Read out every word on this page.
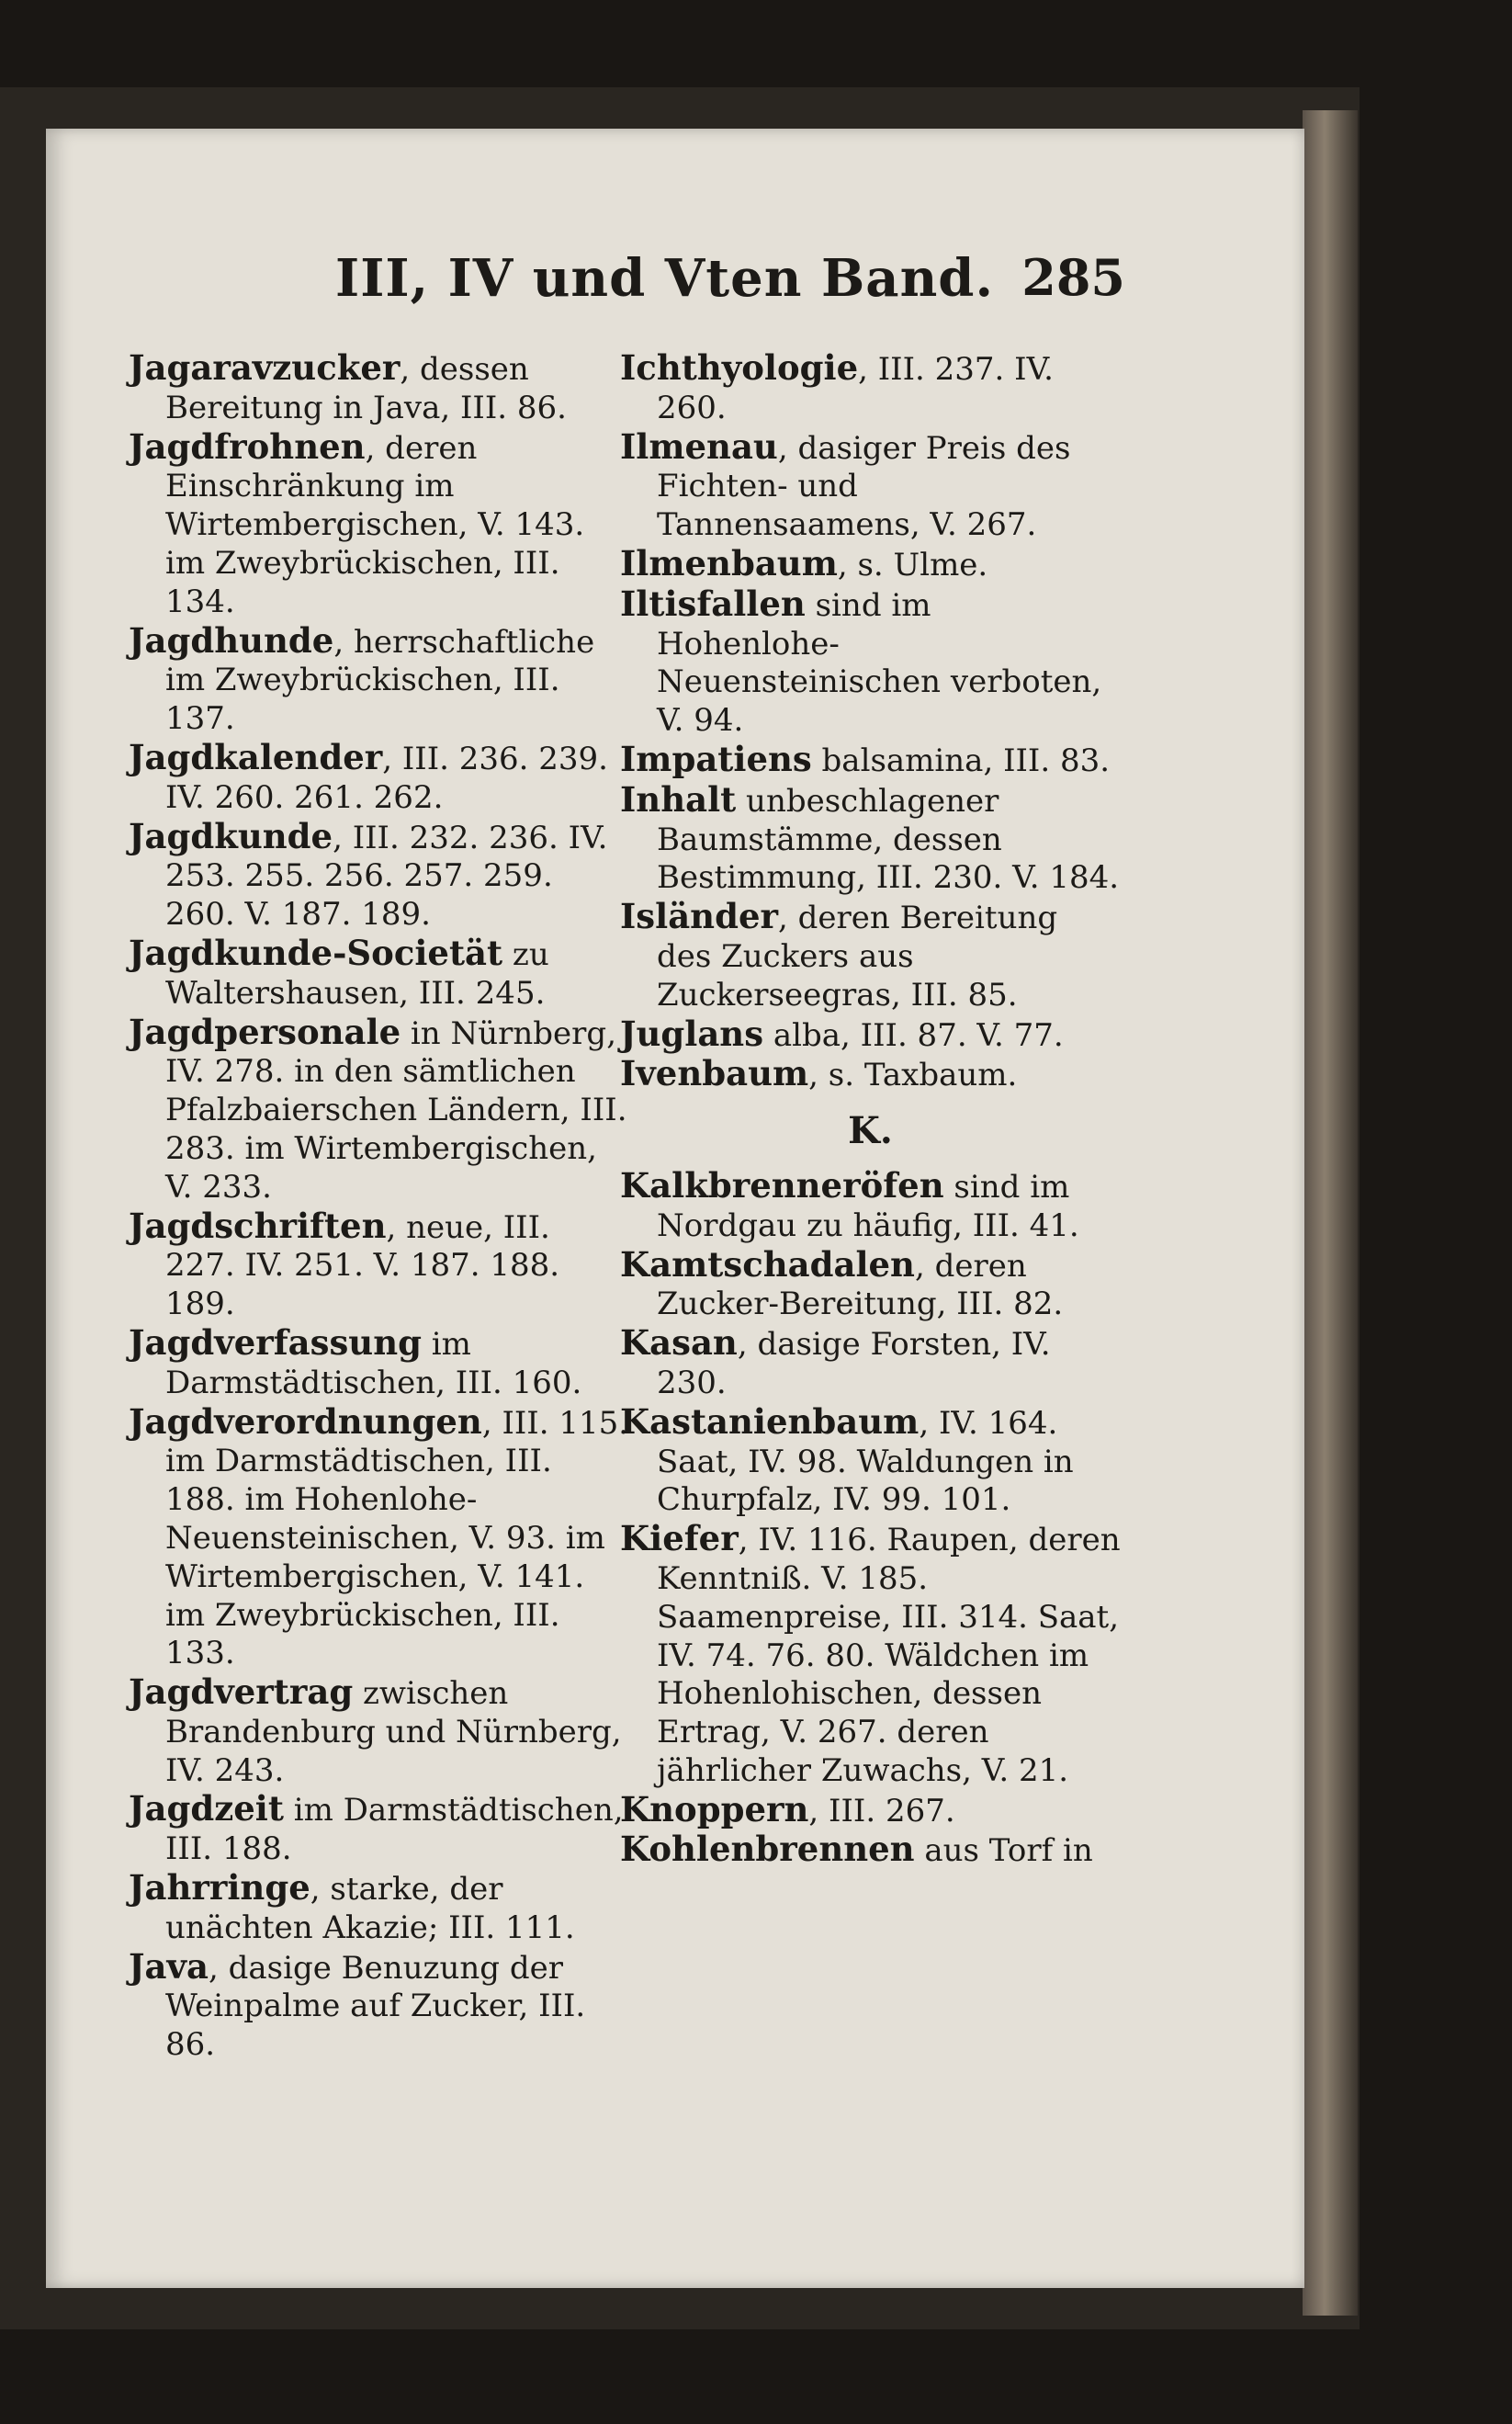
III, IV und Vten Band. 285

Jagaravzucker, dessen Bereitung in Java, III. 86.

Jagdfrohnen, deren Einschränkung im Wirtembergischen, V. 143. im Zweybrückischen, III. 134.

Jagdhunde, herrschaftliche im Zweybrückischen, III. 137.

Jagdkalender, III. 236. 239. IV. 260. 261. 262.

Jagdkunde, III. 232. 236. IV. 253. 255. 256. 257. 259. 260. V. 187. 189.

Jagdkunde-Societät zu Waltershausen, III. 245.

Jagdpersonale in Nürnberg, IV. 278. in den sämtlichen Pfalzbaierschen Ländern, III. 283. im Wirtembergischen, V. 233.

Jagdschriften, neue, III. 227. IV. 251. V. 187. 188. 189.

Jagdverfassung im Darmstädtischen, III. 160.

Jagdverordnungen, III. 115. im Darmstädtischen, III. 188. im Hohenlohe-Neuensteinischen, V. 93. im Wirtembergischen, V. 141. im Zweybrückischen, III. 133.

Jagdvertrag zwischen Brandenburg und Nürnberg, IV. 243.

Jagdzeit im Darmstädtischen, III. 188.

Jahrringe, starke, der unächten Akazie; III. 111.

Java, dasige Benuzung der Weinpalme auf Zucker, III. 86.

Ichthyologie, III. 237. IV. 260.

Ilmenau, dasiger Preis des Fichten- und Tannensaamens, V. 267.

Ilmenbaum, s. Ulme.

Iltisfallen sind im Hohenlohe-Neuensteinischen verboten, V. 94.

Impatiens balsamina, III. 83.

Inhalt unbeschlagener Baumstämme, dessen Bestimmung, III. 230. V. 184.

Isländer, deren Bereitung des Zuckers aus Zuckerseegras, III. 85.

Juglans alba, III. 87. V. 77.

Ivenbaum, s. Taxbaum.

K.

Kalkbrenneröfen sind im Nordgau zu häufig, III. 41.

Kamtschadalen, deren Zucker-Bereitung, III. 82.

Kasan, dasige Forsten, IV. 230.

Kastanienbaum, IV. 164. Saat, IV. 98. Waldungen in Churpfalz, IV. 99. 101.

Kiefer, IV. 116. Raupen, deren Kenntniß. V. 185. Saamenpreise, III. 314. Saat, IV. 74. 76. 80. Wäldchen im Hohenlohischen, dessen Ertrag, V. 267. deren jährlicher Zuwachs, V. 21.

Knoppern, III. 267.

Kohlenbrennen aus Torf in
